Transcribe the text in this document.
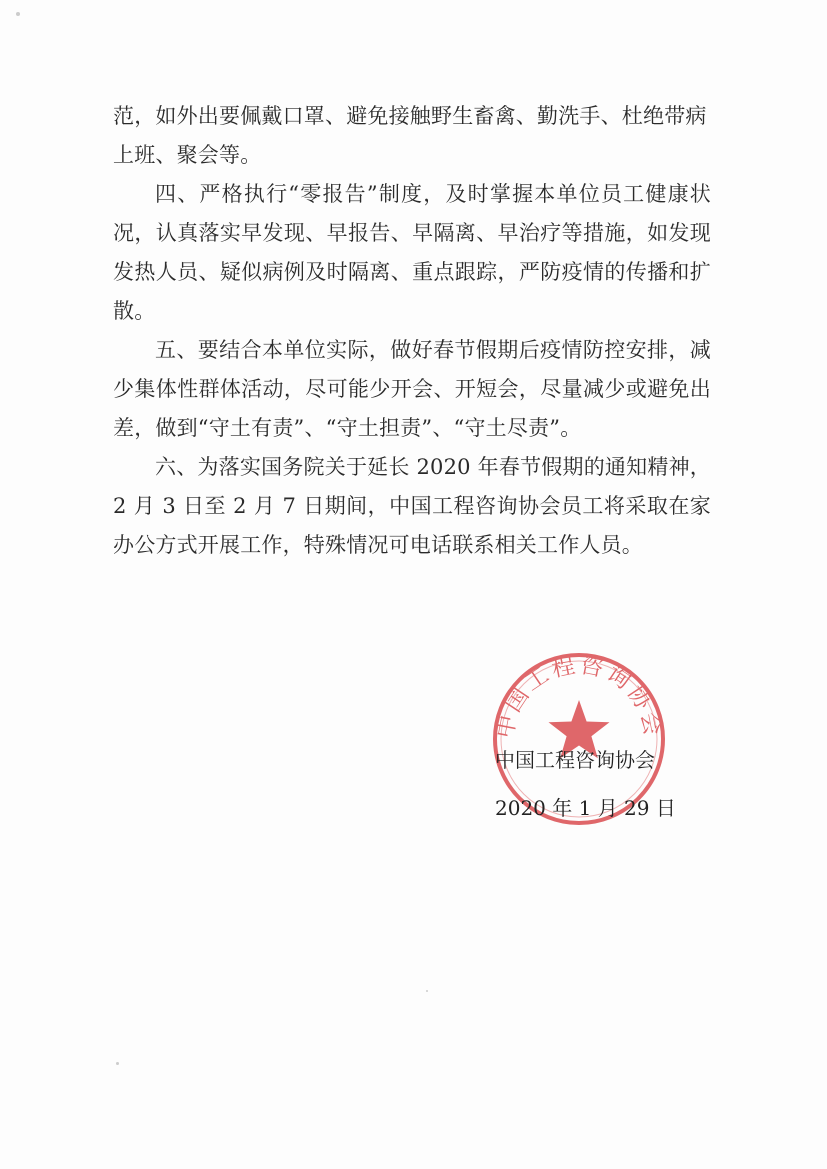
范，如外出要佩戴口罩、避免接触野生畜禽、勤洗手、杜绝带病
上班、聚会等。
四、严格执行“零报告”制度，及时掌握本单位员工健康状况，认真落实早发现、早报告、早隔离、早治疗等措施，如发现发热人员、疑似病例及时隔离、重点跟踪，严防疫情的传播和扩散。
五、要结合本单位实际，做好春节假期后疫情防控安排，减少集体性群体活动，尽可能少开会、开短会，尽量减少或避免出差，做到“守土有责”、“守土担责”、“守土尽责”。
六、为落实国务院关于延长 2020 年春节假期的通知精神，2 月 3 日至 2 月 7 日期间，中国工程咨询协会员工将采取在家办公方式开展工作，特殊情况可电话联系相关工作人员。
中国工程咨询协会
中国工程咨询协会
2020 年 1 月 29 日
